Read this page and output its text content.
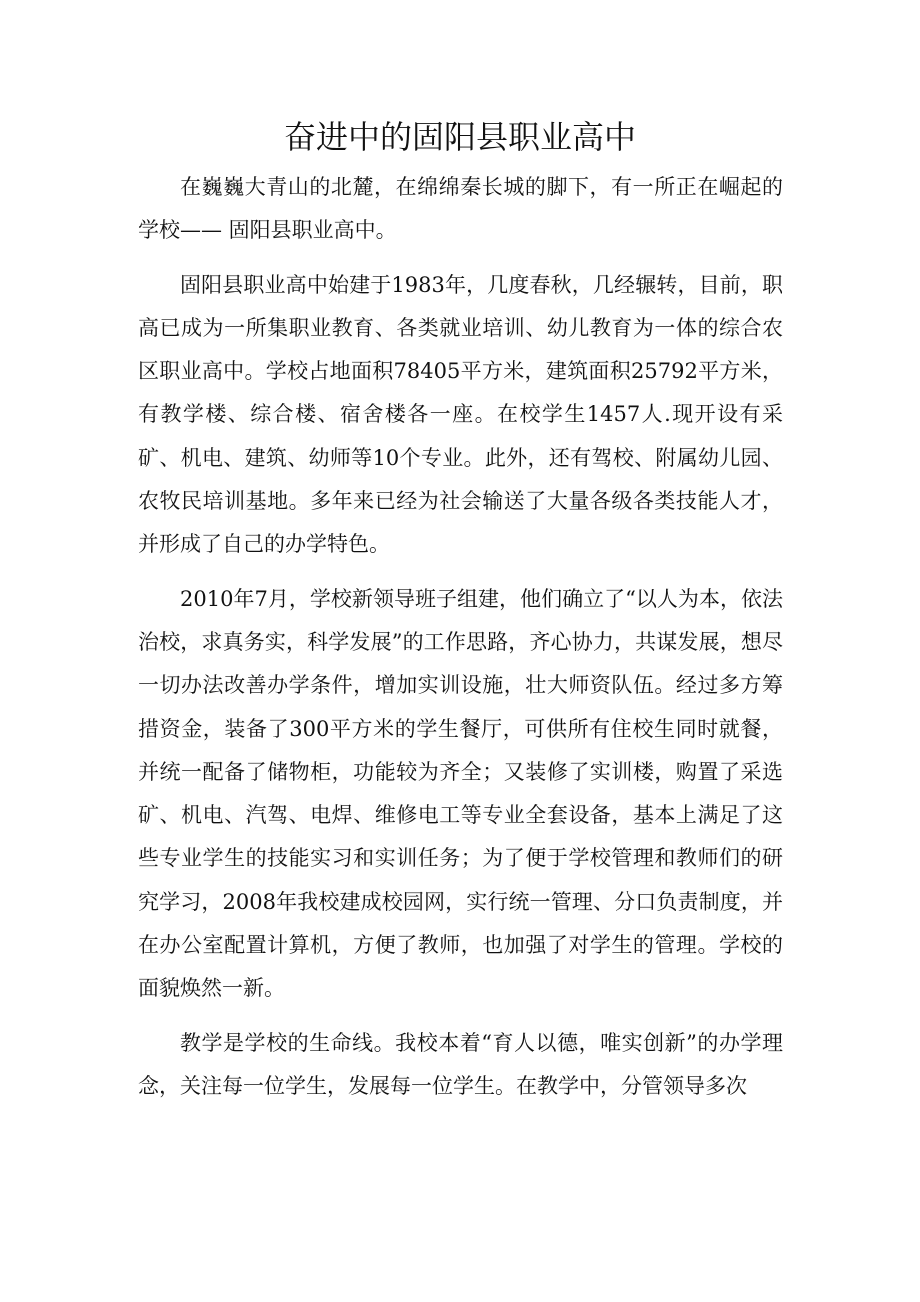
奋进中的固阳县职业高中

在巍巍大青山的北麓，在绵绵秦长城的脚下，有一所正在崛起的学校—— 固阳县职业高中。

固阳县职业高中始建于1983年，几度春秋，几经辗转，目前，职高已成为一所集职业教育、各类就业培训、幼儿教育为一体的综合农区职业高中。学校占地面积78405平方米，建筑面积25792平方米，有教学楼、综合楼、宿舍楼各一座。在校学生1457人.现开设有采矿、机电、建筑、幼师等10个专业。此外，还有驾校、附属幼儿园、农牧民培训基地。多年来已经为社会输送了大量各级各类技能人才，并形成了自己的办学特色。

2010年7月，学校新领导班子组建，他们确立了“以人为本，依法治校，求真务实，科学发展”的工作思路，齐心协力，共谋发展，想尽一切办法改善办学条件，增加实训设施，壮大师资队伍。经过多方筹措资金，装备了300平方米的学生餐厅，可供所有住校生同时就餐，并统一配备了储物柜，功能较为齐全；又装修了实训楼，购置了采选矿、机电、汽驾、电焊、维修电工等专业全套设备，基本上满足了这些专业学生的技能实习和实训任务；为了便于学校管理和教师们的研究学习，2008年我校建成校园网，实行统一管理、分口负责制度，并在办公室配置计算机，方便了教师，也加强了对学生的管理。学校的面貌焕然一新。

教学是学校的生命线。我校本着“育人以德，唯实创新”的办学理念，关注每一位学生，发展每一位学生。在教学中，分管领导多次
